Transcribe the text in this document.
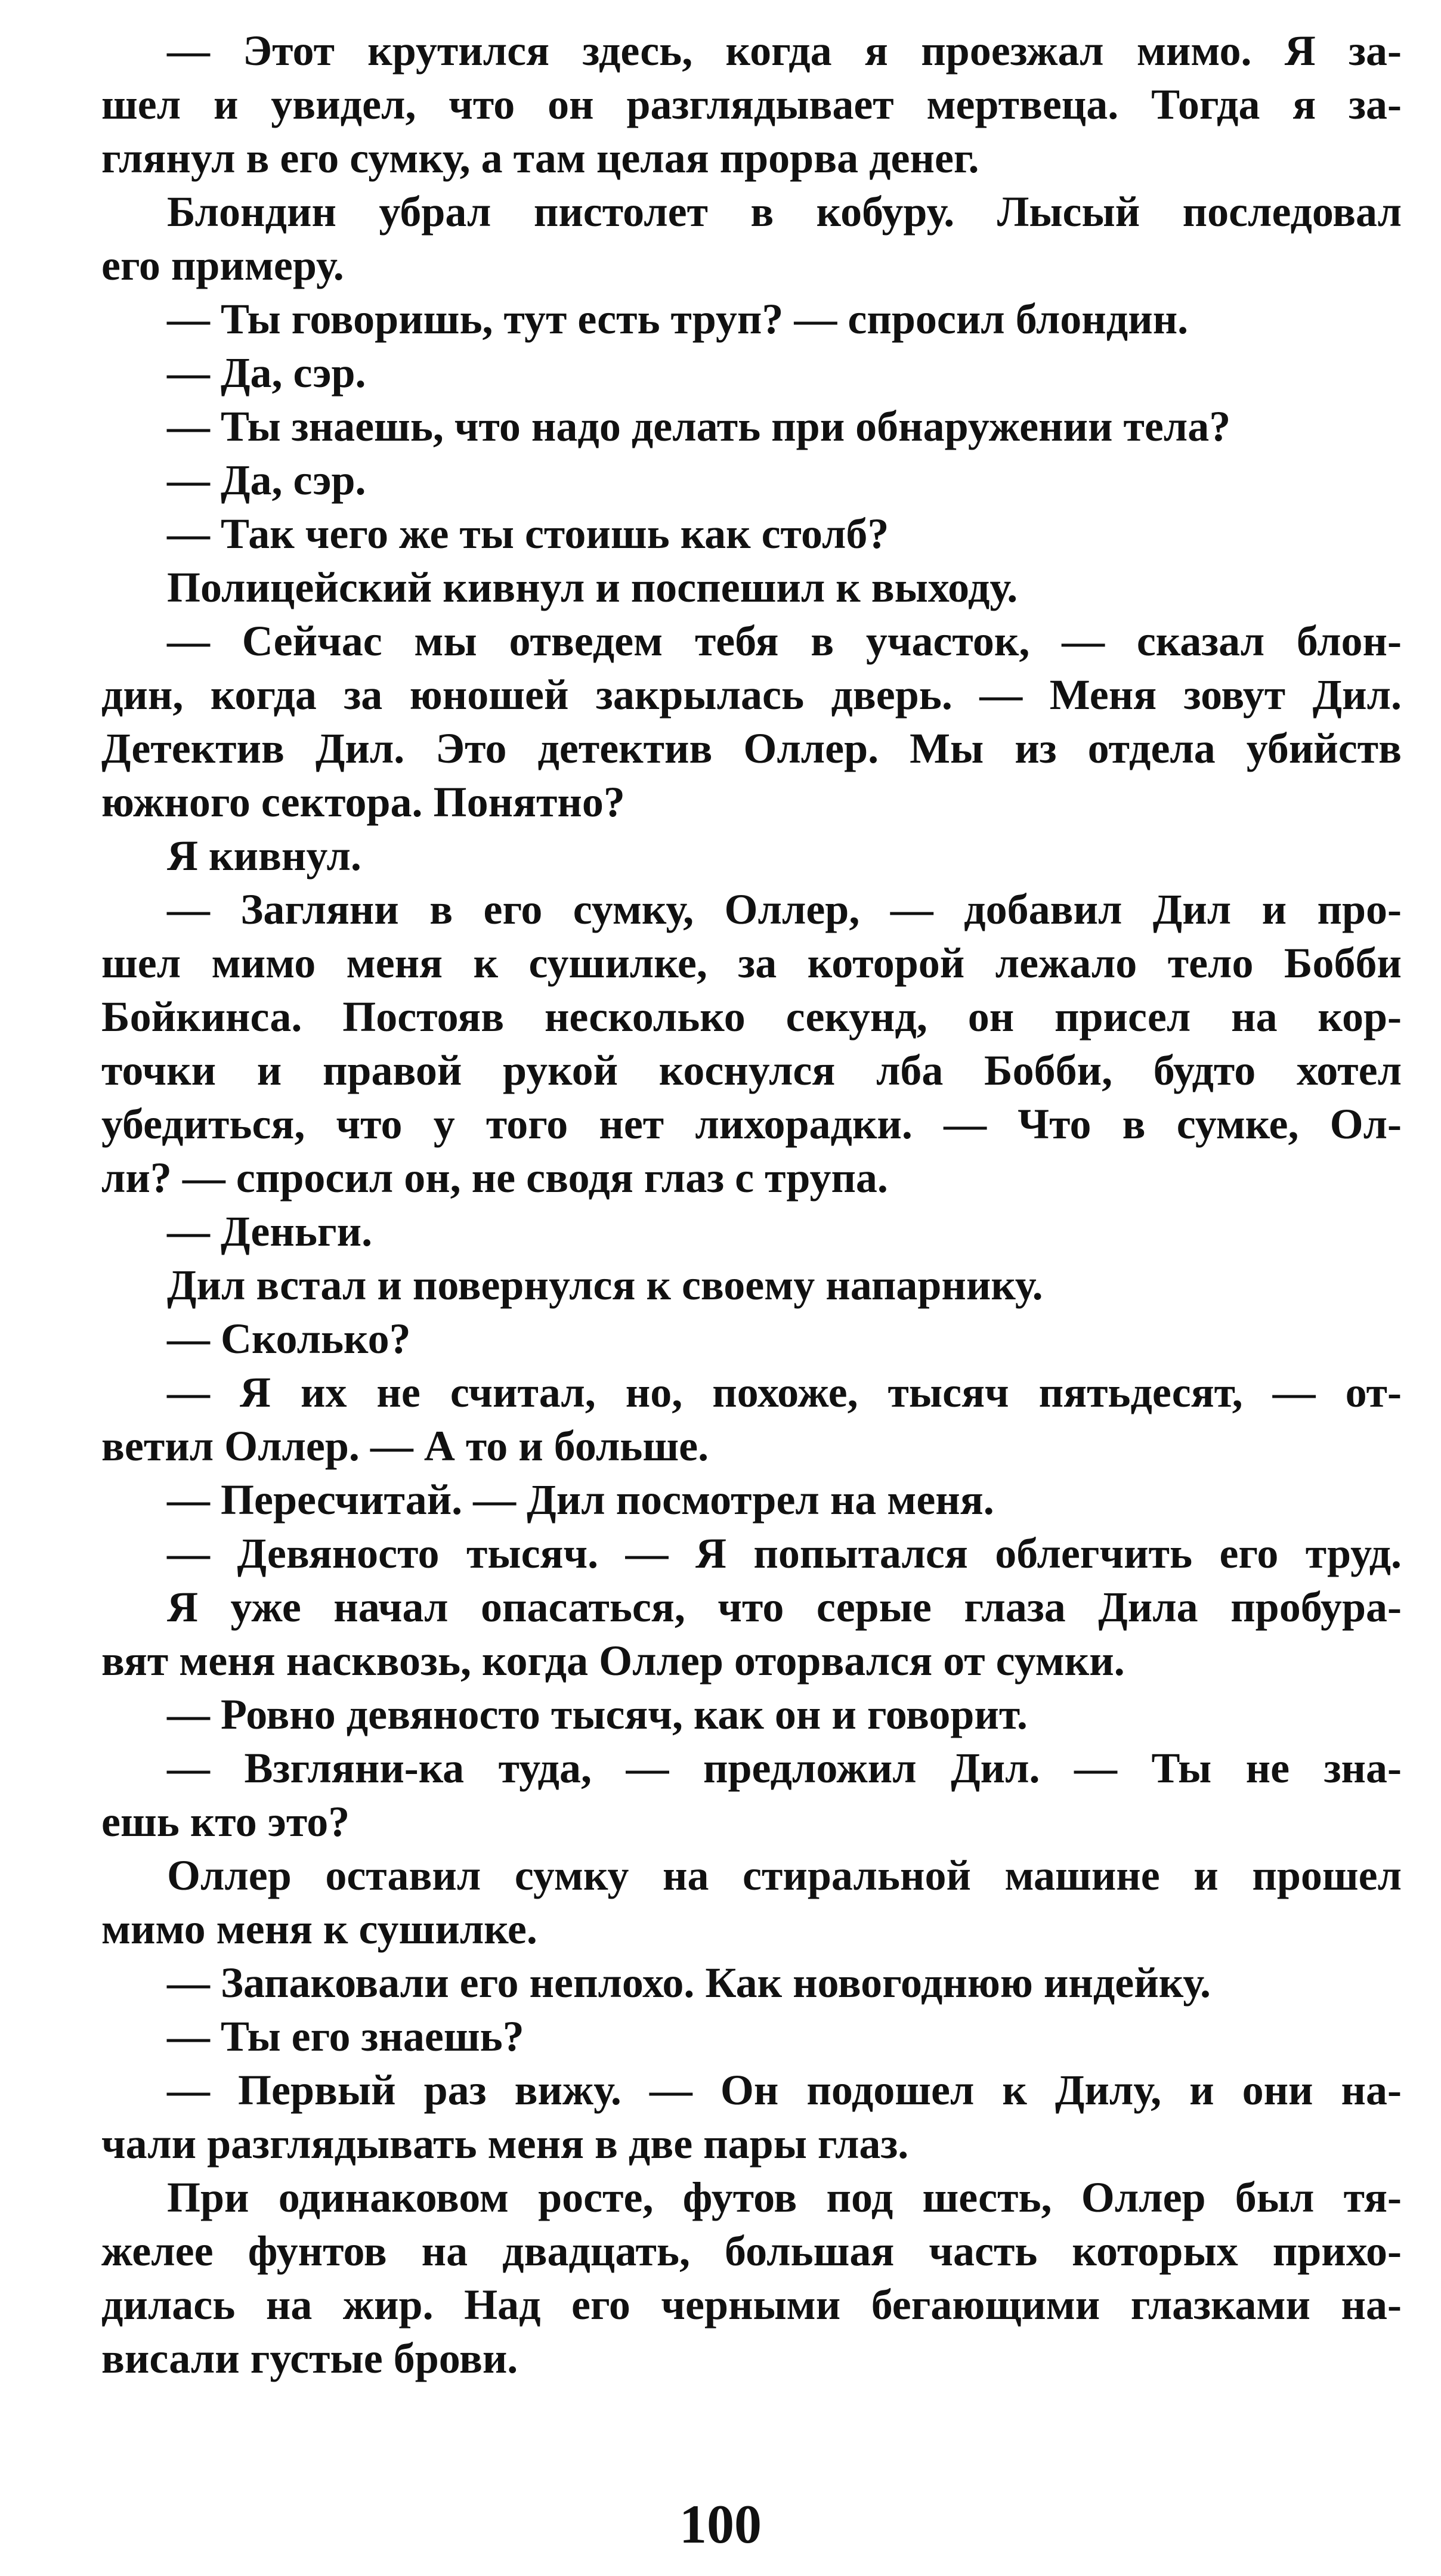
— Этот крутился здесь, когда я проезжал мимо. Я за-
шел и увидел, что он разглядывает мертвеца. Тогда я за-
глянул в его сумку, а там целая прорва денег.
Блондин убрал пистолет в кобуру. Лысый последовал
его примеру.
— Ты говоришь, тут есть труп? — спросил блондин.
— Да, сэр.
— Ты знаешь, что надо делать при обнаружении тела?
— Да, сэр.
— Так чего же ты стоишь как столб?
Полицейский кивнул и поспешил к выходу.
— Сейчас мы отведем тебя в участок, — сказал блон-
дин, когда за юношей закрылась дверь. — Меня зовут Дил.
Детектив Дил. Это детектив Оллер. Мы из отдела убийств
южного сектора. Понятно?
Я кивнул.
— Загляни в его сумку, Оллер, — добавил Дил и про-
шел мимо меня к сушилке, за которой лежало тело Бобби
Бойкинса. Постояв несколько секунд, он присел на кор-
точки и правой рукой коснулся лба Бобби, будто хотел
убедиться, что у того нет лихорадки. — Что в сумке, Ол-
ли? — спросил он, не сводя глаз с трупа.
— Деньги.
Дил встал и повернулся к своему напарнику.
— Сколько?
— Я их не считал, но, похоже, тысяч пятьдесят, — от-
ветил Оллер. — А то и больше.
— Пересчитай. — Дил посмотрел на меня.
— Девяносто тысяч. — Я попытался облегчить его труд.
Я уже начал опасаться, что серые глаза Дила пробура-
вят меня насквозь, когда Оллер оторвался от сумки.
— Ровно девяносто тысяч, как он и говорит.
— Взгляни-ка туда, — предложил Дил. — Ты не зна-
ешь кто это?
Оллер оставил сумку на стиральной машине и прошел
мимо меня к сушилке.
— Запаковали его неплохо. Как новогоднюю индейку.
— Ты его знаешь?
— Первый раз вижу. — Он подошел к Дилу, и они на-
чали разглядывать меня в две пары глаз.
При одинаковом росте, футов под шесть, Оллер был тя-
желее фунтов на двадцать, большая часть которых прихо-
дилась на жир. Над его черными бегающими глазками на-
висали густые брови.
100
